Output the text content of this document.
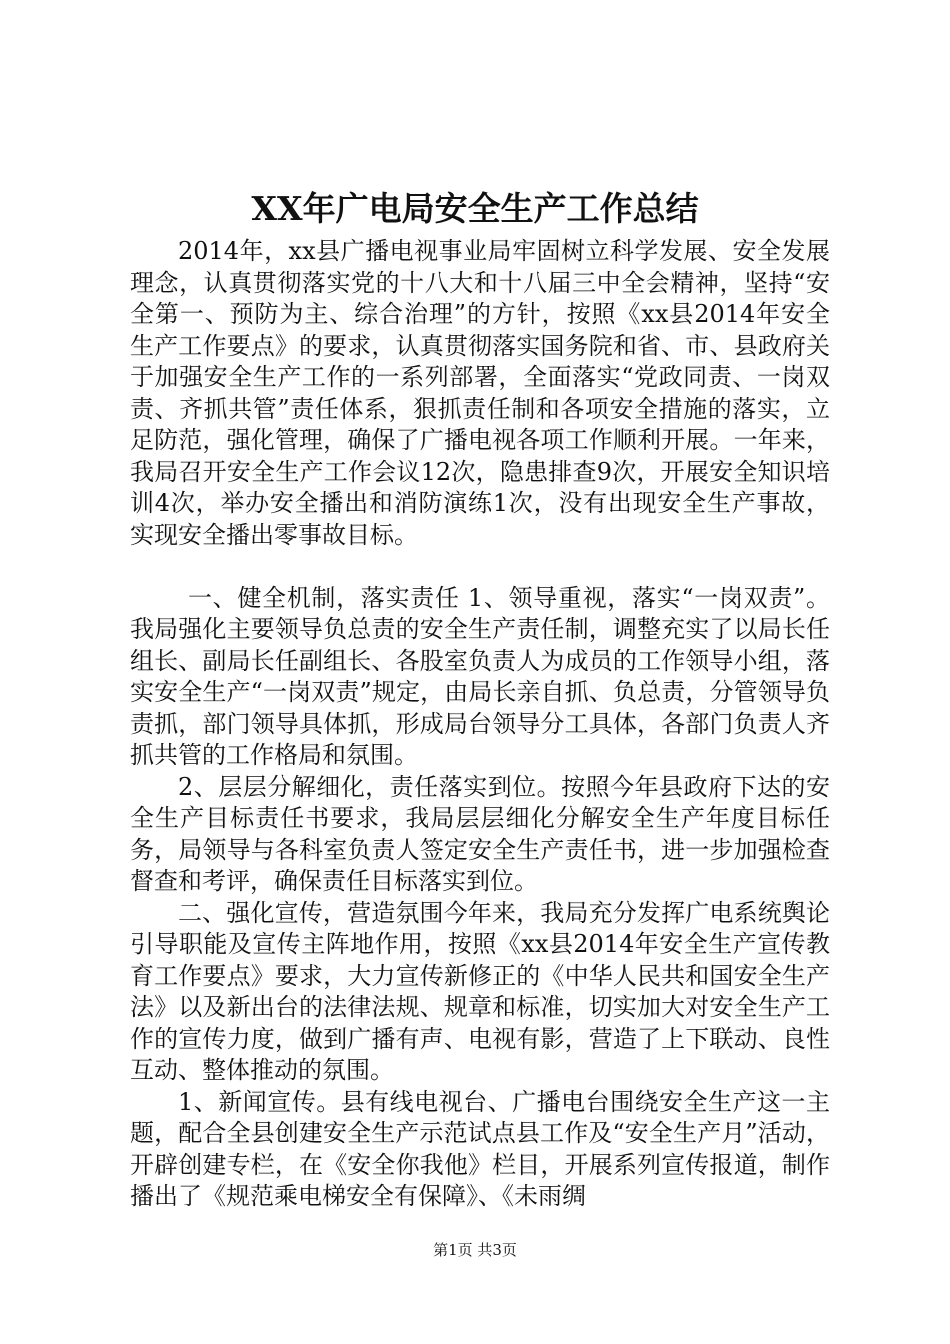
XX年广电局安全生产工作总结

2014年，xx县广播电视事业局牢固树立科学发展、安全发展理念，认真贯彻落实党的十八大和十八届三中全会精神，坚持“安全第一、预防为主、综合治理”的方针，按照《xx县2014年安全生产工作要点》的要求，认真贯彻落实国务院和省、市、县政府关于加强安全生产工作的一系列部署，全面落实“党政同责、一岗双责、齐抓共管”责任体系，狠抓责任制和各项安全措施的落实，立足防范，强化管理，确保了广播电视各项工作顺利开展。一年来，我局召开安全生产工作会议12次，隐患排查9次，开展安全知识培训4次，举办安全播出和消防演练1次，没有出现安全生产事故，实现安全播出零事故目标。

一、健全机制，落实责任 1、领导重视，落实“一岗双责”。我局强化主要领导负总责的安全生产责任制，调整充实了以局长任组长、副局长任副组长、各股室负责人为成员的工作领导小组，落实安全生产“一岗双责”规定，由局长亲自抓、负总责，分管领导负责抓，部门领导具体抓，形成局台领导分工具体，各部门负责人齐抓共管的工作格局和氛围。

2、层层分解细化，责任落实到位。按照今年县政府下达的安全生产目标责任书要求，我局层层细化分解安全生产年度目标任务，局领导与各科室负责人签定安全生产责任书，进一步加强检查督查和考评，确保责任目标落实到位。

二、强化宣传，营造氛围今年来，我局充分发挥广电系统舆论引导职能及宣传主阵地作用，按照《xx县2014年安全生产宣传教育工作要点》要求，大力宣传新修正的《中华人民共和国安全生产法》以及新出台的法律法规、规章和标准，切实加大对安全生产工作的宣传力度，做到广播有声、电视有影，营造了上下联动、良性互动、整体推动的氛围。

1、新闻宣传。县有线电视台、广播电台围绕安全生产这一主题，配合全县创建安全生产示范试点县工作及“安全生产月”活动，开辟创建专栏，在《安全你我他》栏目，开展系列宣传报道，制作播出了《规范乘电梯安全有保障》、《未雨绸

第1页 共3页
